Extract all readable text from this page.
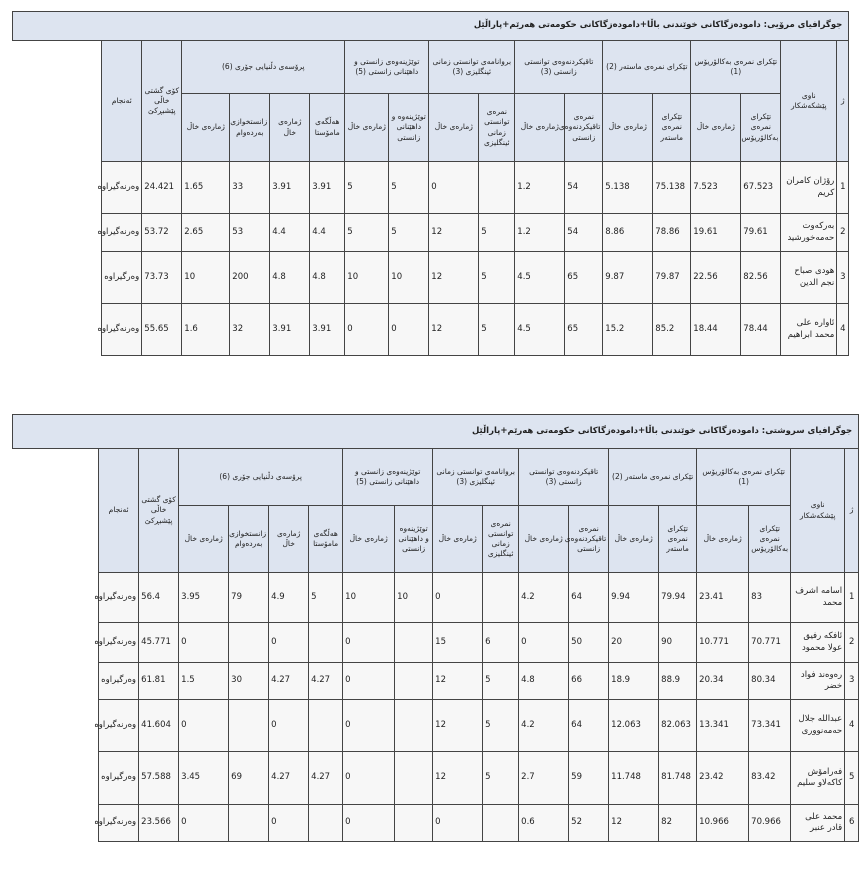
جوگرافیای مرۆیی: دامودەزگاکانی خوێندنی باڵا+دامودەزگاکانی حکومەتی هەرێم+پاراڵێل																	
ژ	ناوی پێشکەشکار	تێکرای نمرەی بەکالۆریۆس (1)		تێکرای نمرەی ماستەر (2)		تاقیکردنەوەی توانستی زانستی (3)		بروانامەی توانستی زمانی ئینگلیزی (3)		توێژینەوەی زانستی و داهێنانی زانستی (5)		پرۆسەی دڵنیایی جۆری (6)				کۆی گشتی خاڵی پێشبڕکێ	ئەنجام
		تێکرای نمرەی بەکالۆریۆس	ژمارەی خاڵ	تێکرای نمرەی ماستەر	ژمارەی خاڵ	نمرەی تاقیکردنەوەی زانستی	ژمارەی خاڵ	نمرەی توانستی زمانی ئینگلیزی	ژمارەی خاڵ	توێژینەوە و داهێنانی زانستی	ژمارەی خاڵ	هەڵگەی مامۆستا	ژمارەی خاڵ	زانستخوازی بەردەوام	ژمارەی خاڵ		
1	رۆژان کامران کریم	67.523	7.523	75.138	5.138	54	1.2		0	5	5	3.91	3.91	33	1.65	24.421	وەرنەگیراوە
2	بەرکەوت حەمەخورشید	79.61	19.61	78.86	8.86	54	1.2	5	12	5	5	4.4	4.4	53	2.65	53.72	وەرنەگیراوە
3	هودی صباح نجم الدین	82.56	22.56	79.87	9.87	65	4.5	5	12	10	10	4.8	4.8	200	10	73.73	وەرگیراوە
4	ئاوارە علی محمد ابراهیم	78.44	18.44	85.2	15.2	65	4.5	5	12	0	0	3.91	3.91	32	1.6	55.65	وەرنەگیراوە
جوگرافیای سروشتی: دامودەزگاکانی خوێندنی باڵا+دامودەزگاکانی حکومەتی هەرێم+پاراڵێل																	
ژ	ناوی پێشکەشکار	تێکرای نمرەی بەکالۆریۆس (1)		تێکرای نمرەی ماستەر (2)		تاقیکردنەوەی توانستی زانستی (3)		بروانامەی توانستی زمانی ئینگلیزی (3)		توێژینەوەی زانستی و داهێنانی زانستی (5)		پرۆسەی دڵنیایی جۆری (6)				کۆی گشتی خاڵی پێشبڕکێ	ئەنجام
		تێکرای نمرەی بەکالۆریۆس	ژمارەی خاڵ	تێکرای نمرەی ماستەر	ژمارەی خاڵ	نمرەی تاقیکردنەوەی زانستی	ژمارەی خاڵ	نمرەی توانستی زمانی ئینگلیزی	ژمارەی خاڵ	توێژینەوە و داهێنانی زانستی	ژمارەی خاڵ	هەڵگەی مامۆستا	ژمارەی خاڵ	زانستخوازی بەردەوام	ژمارەی خاڵ		
1	اسامە اشرف محمد	83	23.41	79.94	9.94	64	4.2		0	10	10	5	4.9	79	3.95	56.4	وەرنەگیراوە
2	ئافکە رفیق عولا محمود	70.771	10.771	90	20	50	0	6	15		0		0		0	45.771	وەرنەگیراوە
3	رەوەند فواد خضر	80.34	20.34	88.9	18.9	66	4.8	5	12		0	4.27	4.27	30	1.5	61.81	وەرگیراوە
4	عبداللە جلال حەمەنووری	73.341	13.341	82.063	12.063	64	4.2	5	12		0		0		0	41.604	وەرنەگیراوە
5	فەرامۆش کاکەلاو سلیم	83.42	23.42	81.748	11.748	59	2.7	5	12		0	4.27	4.27	69	3.45	57.588	وەرگیراوە
6	محمد علی قادر عنبر	70.966	10.966	82	12	52	0.6		0		0		0		0	23.566	وەرنەگیراوە
